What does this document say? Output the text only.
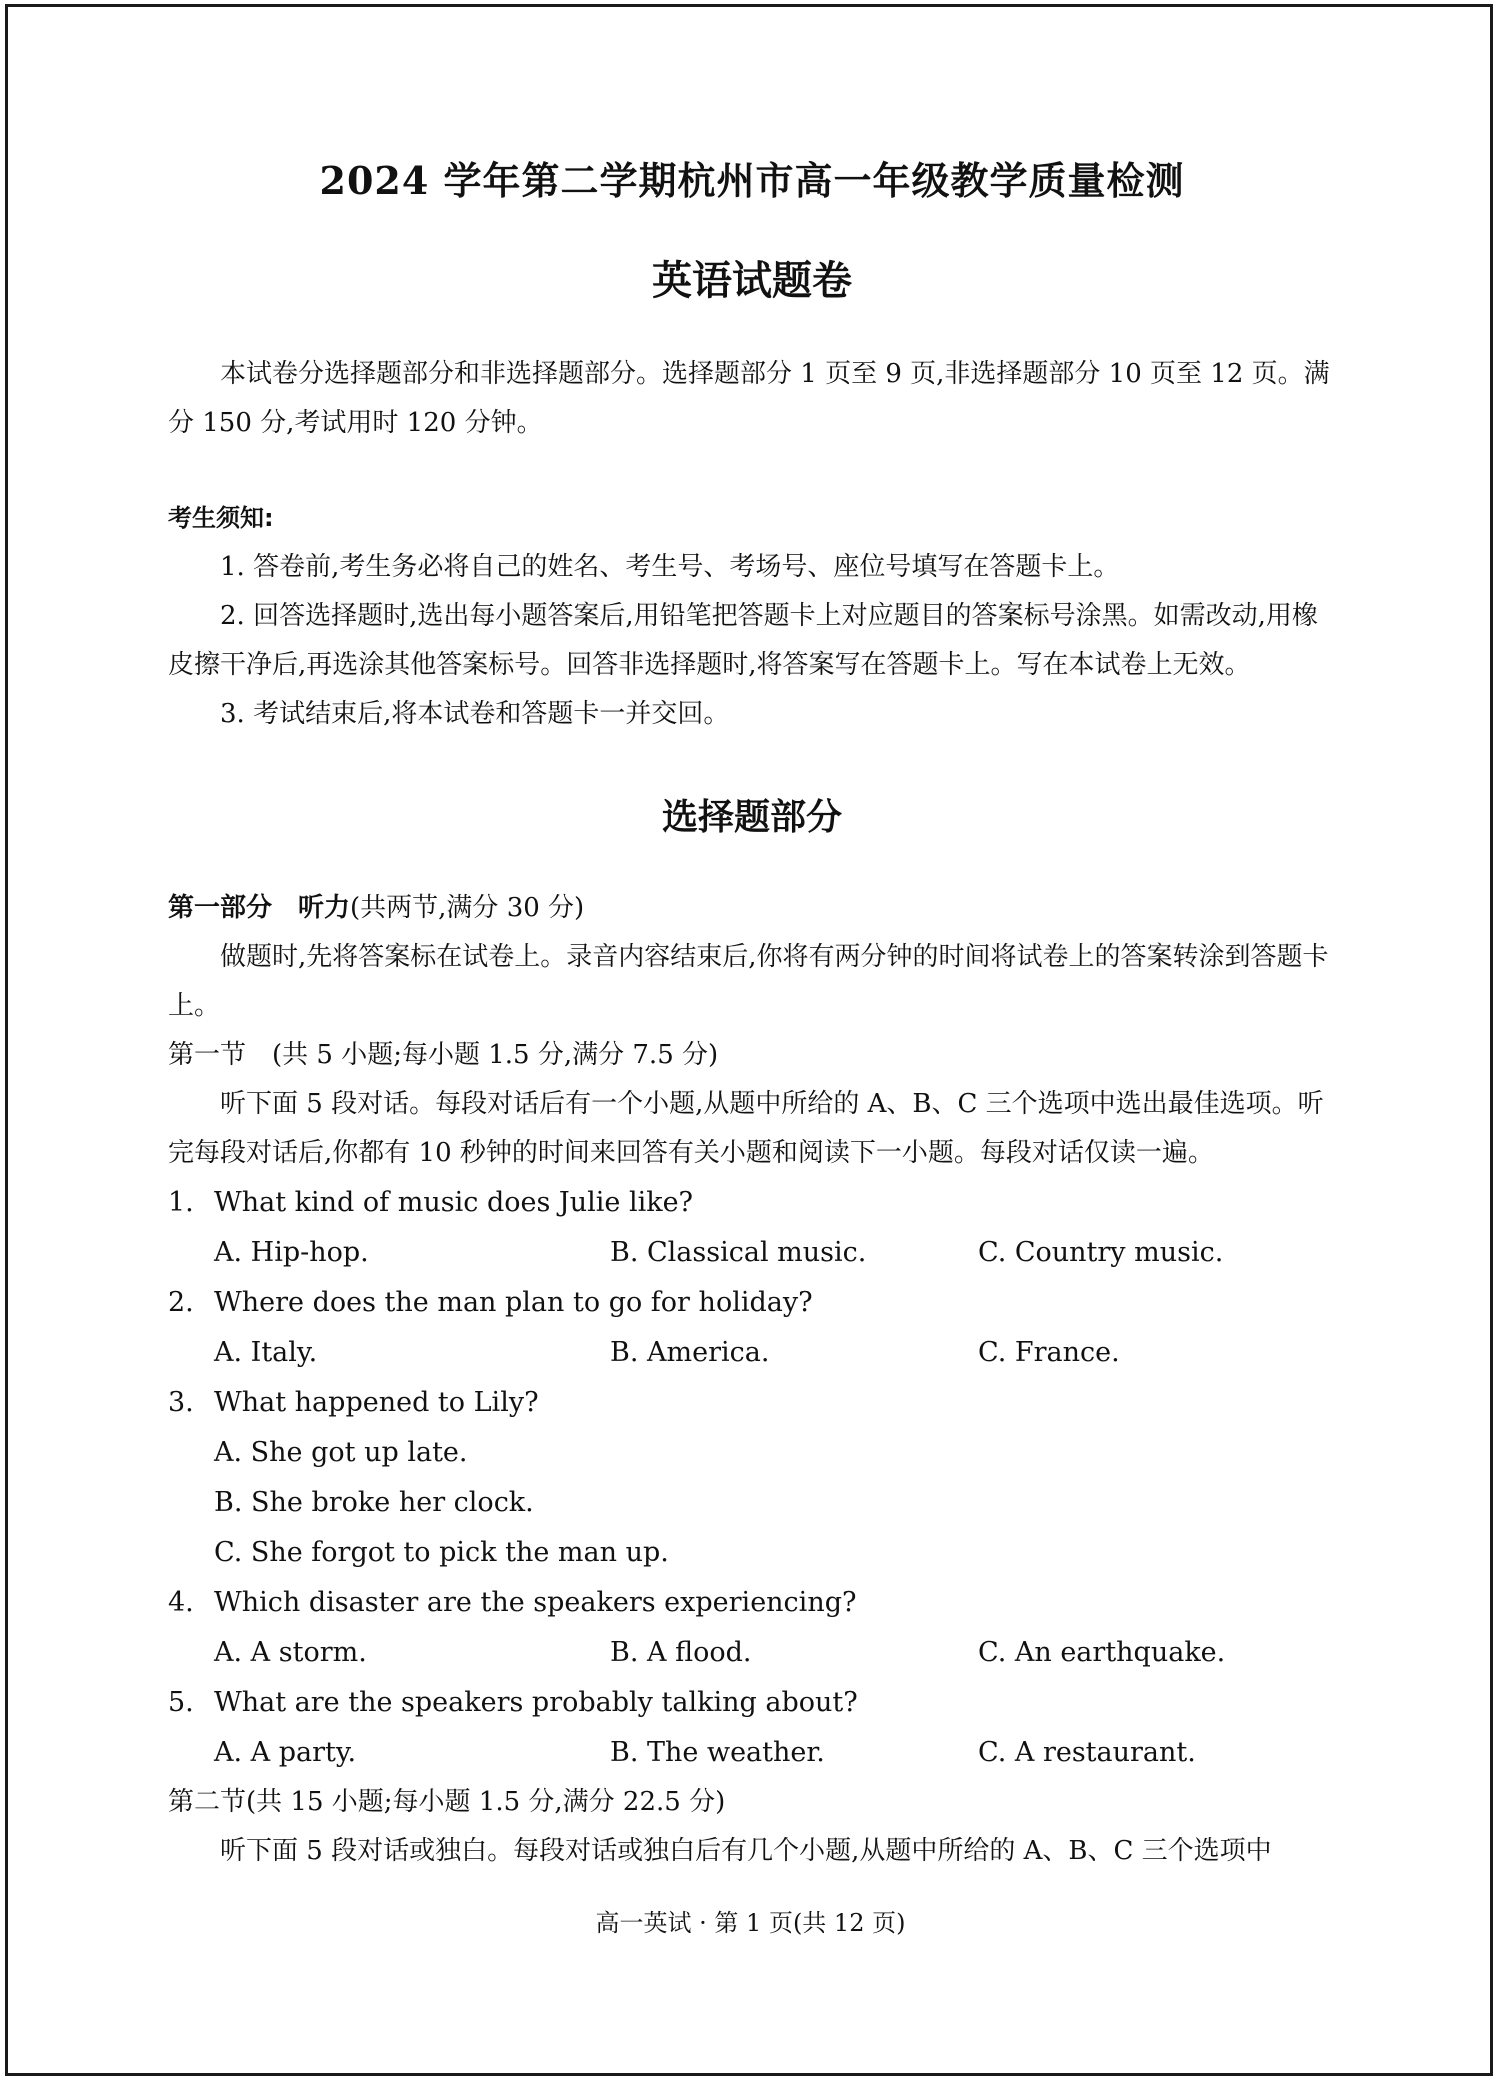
2024 学年第二学期杭州市高一年级教学质量检测
英语试题卷

本试卷分选择题部分和非选择题部分。选择题部分 1 页至 9 页,非选择题部分 10 页至 12 页。满分 150 分,考试用时 120 分钟。

考生须知:

1. 答卷前,考生务必将自己的姓名、考生号、考场号、座位号填写在答题卡上。

2. 回答选择题时,选出每小题答案后,用铅笔把答题卡上对应题目的答案标号涂黑。如需改动,用橡皮擦干净后,再选涂其他答案标号。回答非选择题时,将答案写在答题卡上。写在本试卷上无效。

3. 考试结束后,将本试卷和答题卡一并交回。

选择题部分
第一部分　听力(共两节,满分 30 分)

做题时,先将答案标在试卷上。录音内容结束后,你将有两分钟的时间将试卷上的答案转涂到答题卡上。

第一节　(共 5 小题;每小题 1.5 分,满分 7.5 分)

听下面 5 段对话。每段对话后有一个小题,从题中所给的 A、B、C 三个选项中选出最佳选项。听完每段对话后,你都有 10 秒钟的时间来回答有关小题和阅读下一小题。每段对话仅读一遍。

1. What kind of music does Julie like?
A. Hip-hop.	B. Classical music.	C. Country music.
2. Where does the man plan to go for holiday?
A. Italy.	B. America.	C. France.
3. What happened to Lily?
A. She got up late.
B. She broke her clock.
C. She forgot to pick the man up.
4. Which disaster are the speakers experiencing?
A. A storm.	B. A flood.	C. An earthquake.
5. What are the speakers probably talking about?
A. A party.	B. The weather.	C. A restaurant.

第二节(共 15 小题;每小题 1.5 分,满分 22.5 分)

听下面 5 段对话或独白。每段对话或独白后有几个小题,从题中所给的 A、B、C 三个选项中

高一英试 · 第 1 页(共 12 页)
